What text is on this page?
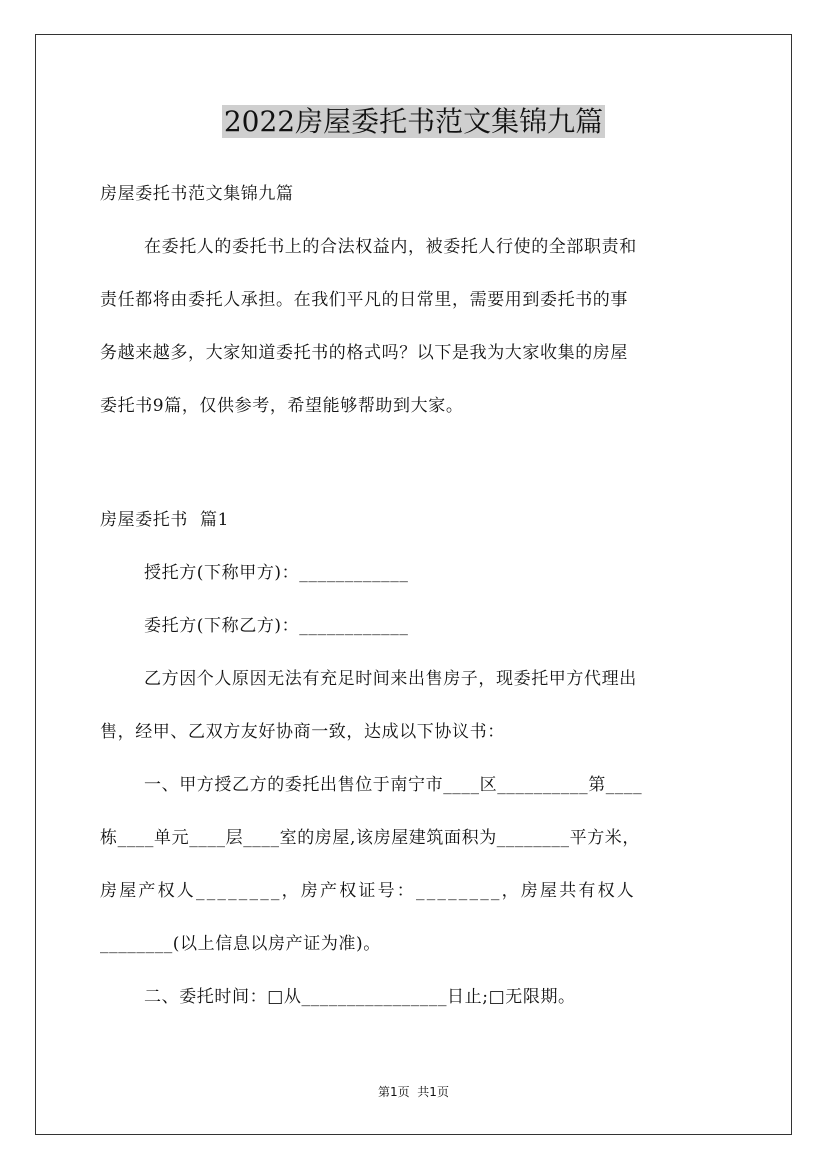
2022房屋委托书范文集锦九篇

房屋委托书范文集锦九篇

在委托人的委托书上的合法权益内，被委托人行使的全部职责和

责任都将由委托人承担。在我们平凡的日常里，需要用到委托书的事

务越来越多，大家知道委托书的格式吗？以下是我为大家收集的房屋

委托书9篇，仅供参考，希望能够帮助到大家。

房屋委托书  篇1

授托方(下称甲方)：____________

委托方(下称乙方)：____________

乙方因个人原因无法有充足时间来出售房子，现委托甲方代理出

售，经甲、乙双方友好协商一致，达成以下协议书：

一、甲方授乙方的委托出售位于南宁市____区__________第____

栋____单元____层____室的房屋,该房屋建筑面积为________平方米，

房屋产权人________，房产权证号：________，房屋共有权人

________(以上信息以房产证为准)。

二、委托时间：□从________________日止;□无限期。

第1页  共1页
